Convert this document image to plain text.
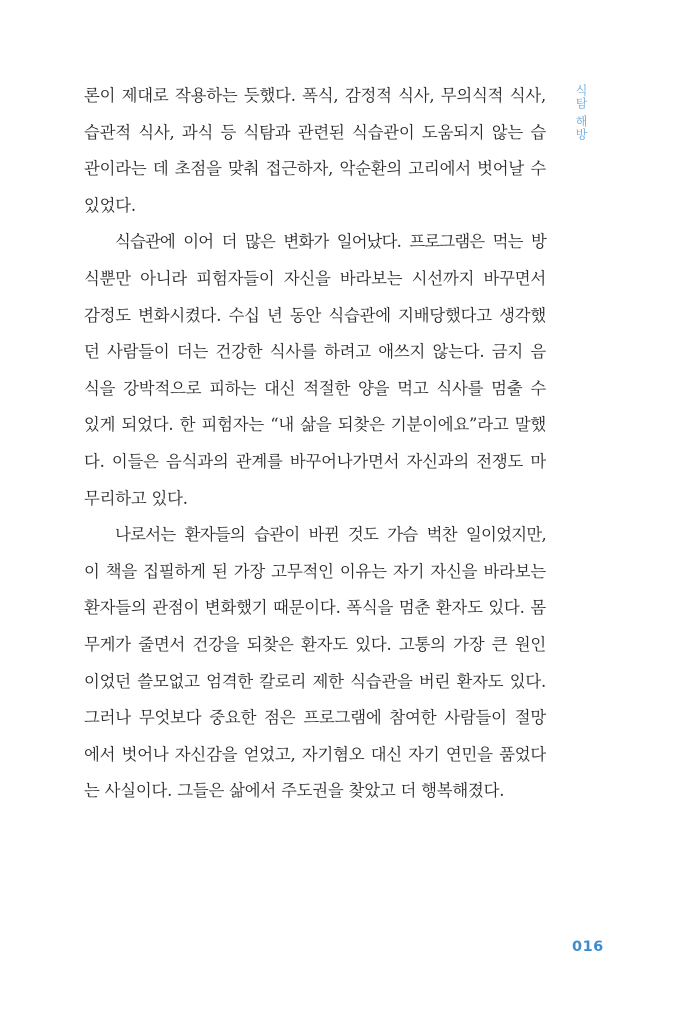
식탐 해방

론이 제대로 작용하는 듯했다. 폭식, 감정적 식사, 무의식적 식사,
습관적 식사, 과식 등 식탐과 관련된 식습관이 도움되지 않는 습
관이라는 데 초점을 맞춰 접근하자, 악순환의 고리에서 벗어날 수
있었다.

식습관에 이어 더 많은 변화가 일어났다. 프로그램은 먹는 방
식뿐만 아니라 피험자들이 자신을 바라보는 시선까지 바꾸면서
감정도 변화시켰다. 수십 년 동안 식습관에 지배당했다고 생각했
던 사람들이 더는 건강한 식사를 하려고 애쓰지 않는다. 금지 음
식을 강박적으로 피하는 대신 적절한 양을 먹고 식사를 멈출 수
있게 되었다. 한 피험자는 “내 삶을 되찾은 기분이에요”라고 말했
다. 이들은 음식과의 관계를 바꾸어나가면서 자신과의 전쟁도 마
무리하고 있다.

나로서는 환자들의 습관이 바뀐 것도 가슴 벅찬 일이었지만,
이 책을 집필하게 된 가장 고무적인 이유는 자기 자신을 바라보는
환자들의 관점이 변화했기 때문이다. 폭식을 멈춘 환자도 있다. 몸
무게가 줄면서 건강을 되찾은 환자도 있다. 고통의 가장 큰 원인
이었던 쓸모없고 엄격한 칼로리 제한 식습관을 버린 환자도 있다.
그러나 무엇보다 중요한 점은 프로그램에 참여한 사람들이 절망
에서 벗어나 자신감을 얻었고, 자기혐오 대신 자기 연민을 품었다
는 사실이다. 그들은 삶에서 주도권을 찾았고 더 행복해졌다.

016
